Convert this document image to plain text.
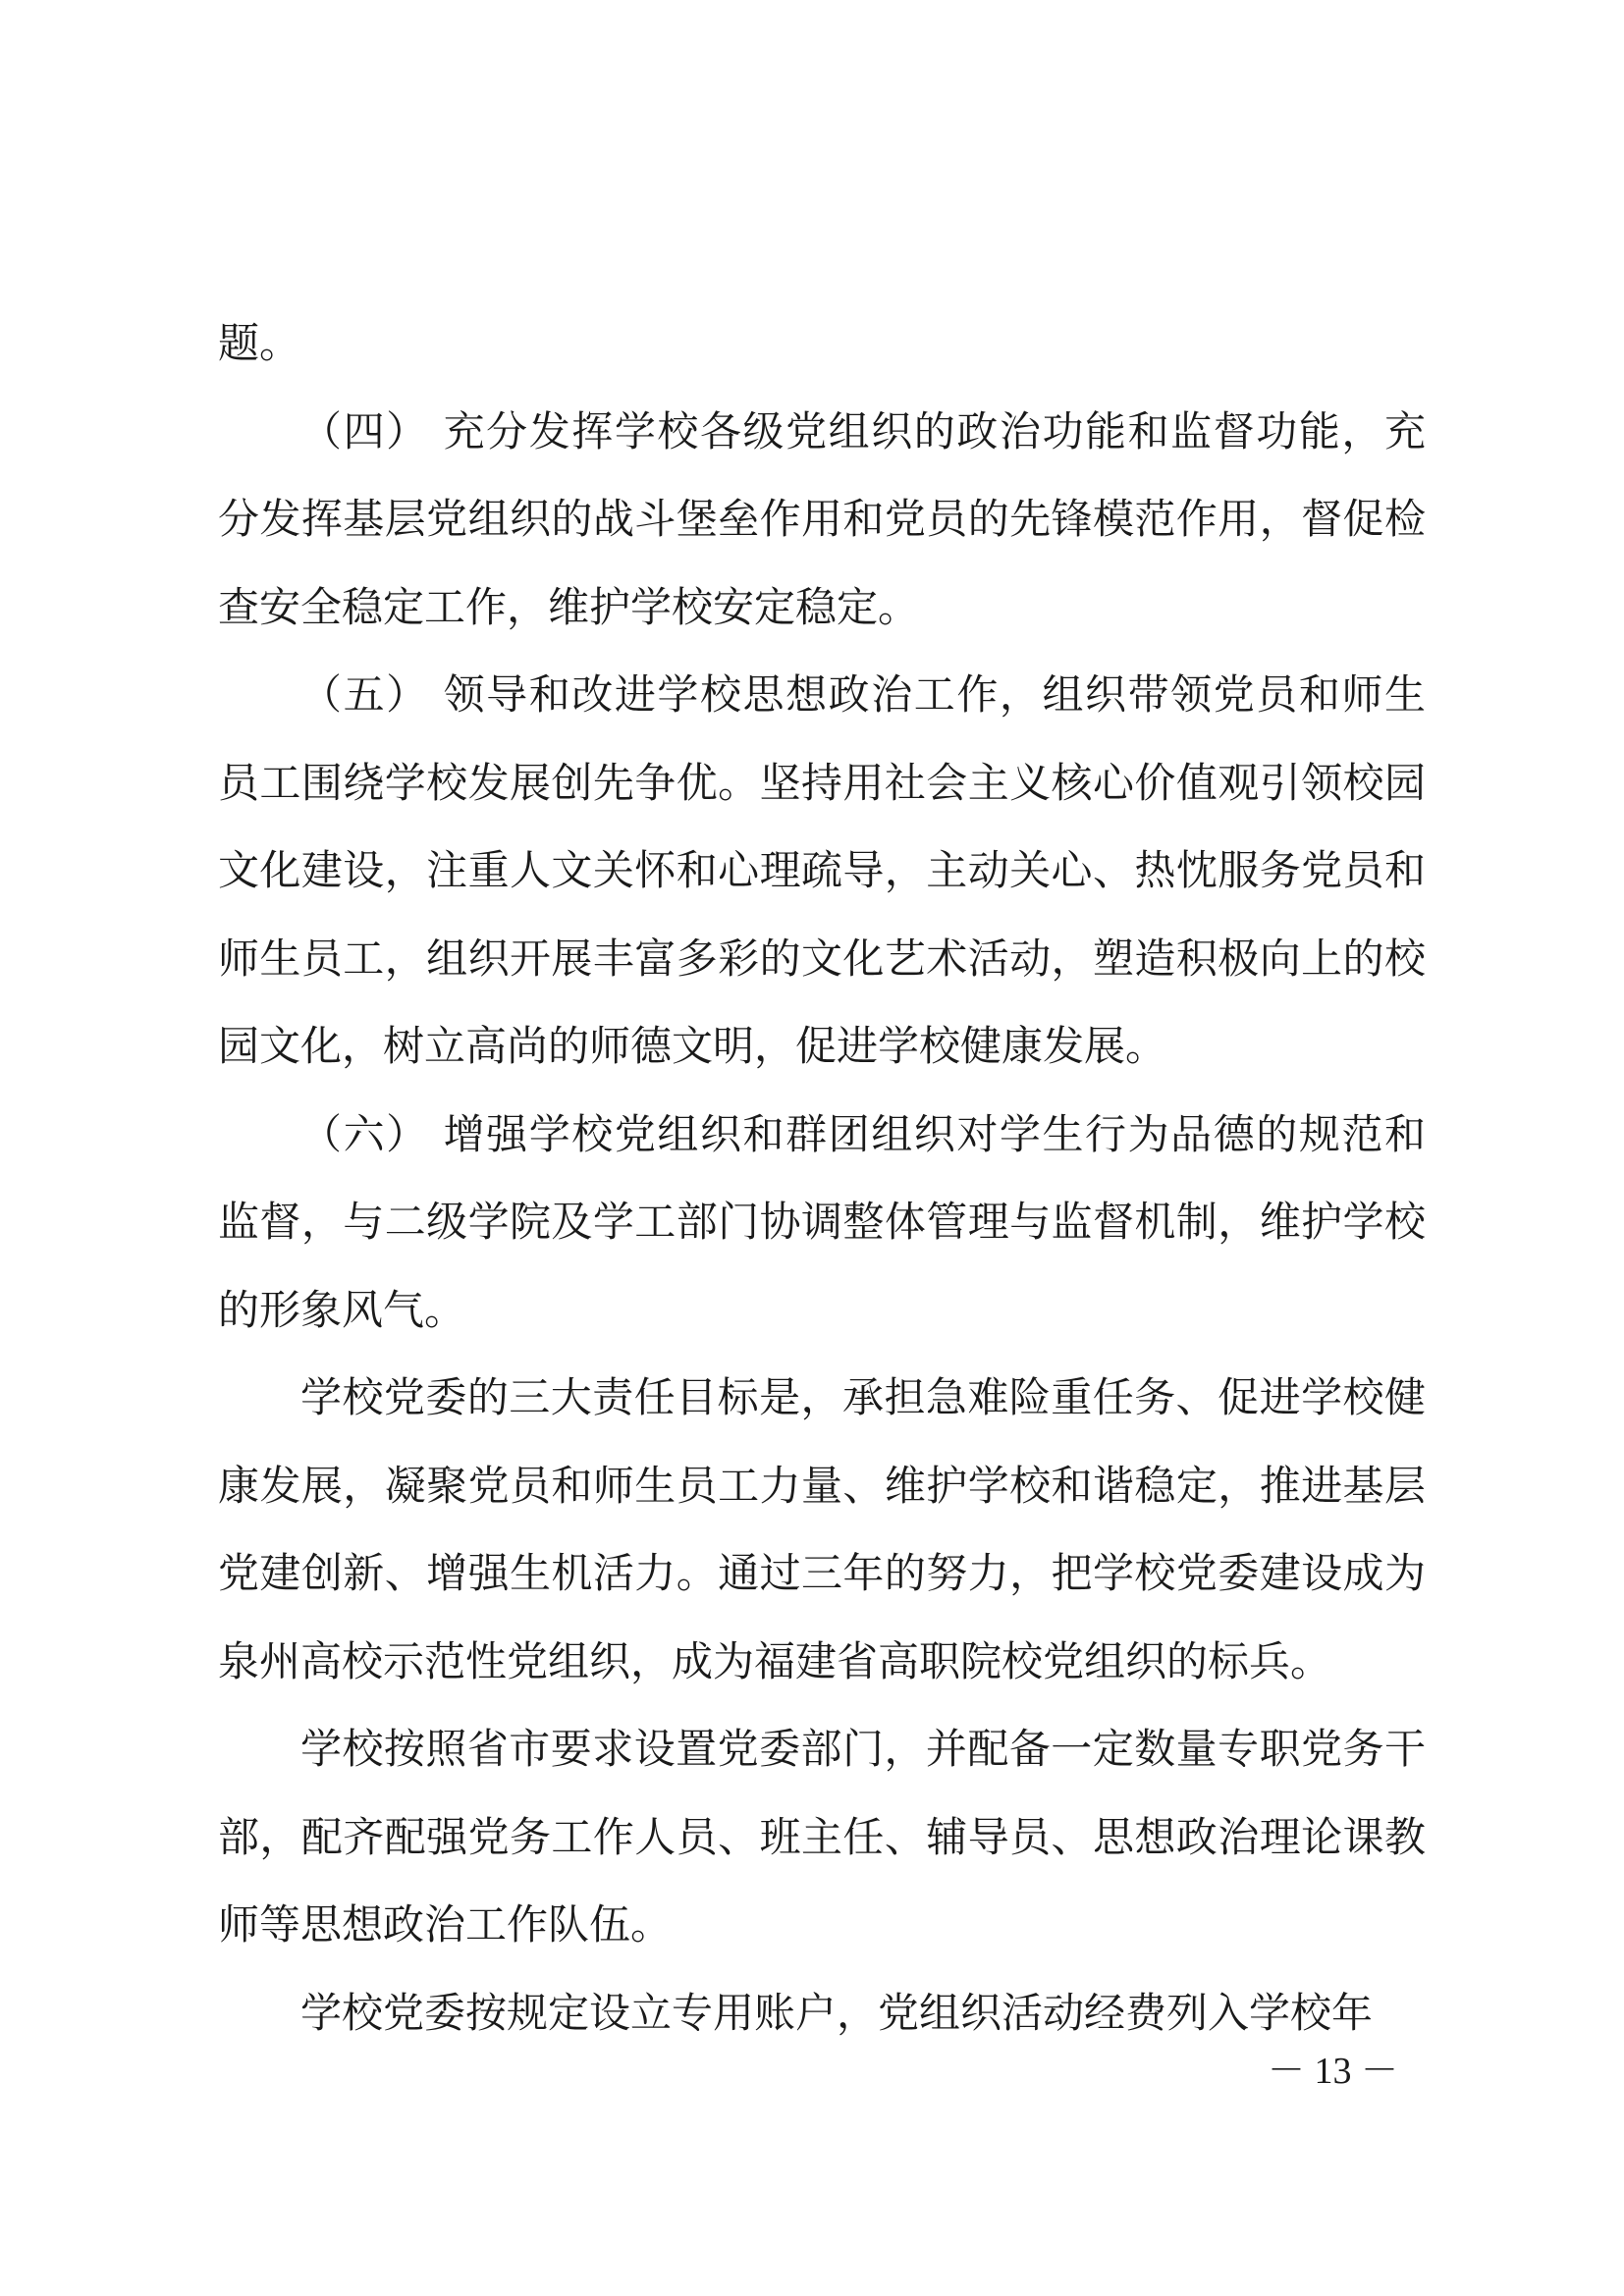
题。

（四） 充分发挥学校各级党组织的政治功能和监督功能，充分发挥基层党组织的战斗堡垒作用和党员的先锋模范作用，督促检查安全稳定工作，维护学校安定稳定。

（五） 领导和改进学校思想政治工作，组织带领党员和师生员工围绕学校发展创先争优。坚持用社会主义核心价值观引领校园文化建设，注重人文关怀和心理疏导，主动关心、热忱服务党员和师生员工，组织开展丰富多彩的文化艺术活动，塑造积极向上的校园文化，树立高尚的师德文明，促进学校健康发展。

（六） 增强学校党组织和群团组织对学生行为品德的规范和监督，与二级学院及学工部门协调整体管理与监督机制，维护学校的形象风气。

学校党委的三大责任目标是，承担急难险重任务、促进学校健康发展，凝聚党员和师生员工力量、维护学校和谐稳定，推进基层党建创新、增强生机活力。通过三年的努力，把学校党委建设成为泉州高校示范性党组织，成为福建省高职院校党组织的标兵。

学校按照省市要求设置党委部门，并配备一定数量专职党务干部，配齐配强党务工作人员、班主任、辅导员、思想政治理论课教师等思想政治工作队伍。

学校党委按规定设立专用账户，党组织活动经费列入学校年

－ 13 －
